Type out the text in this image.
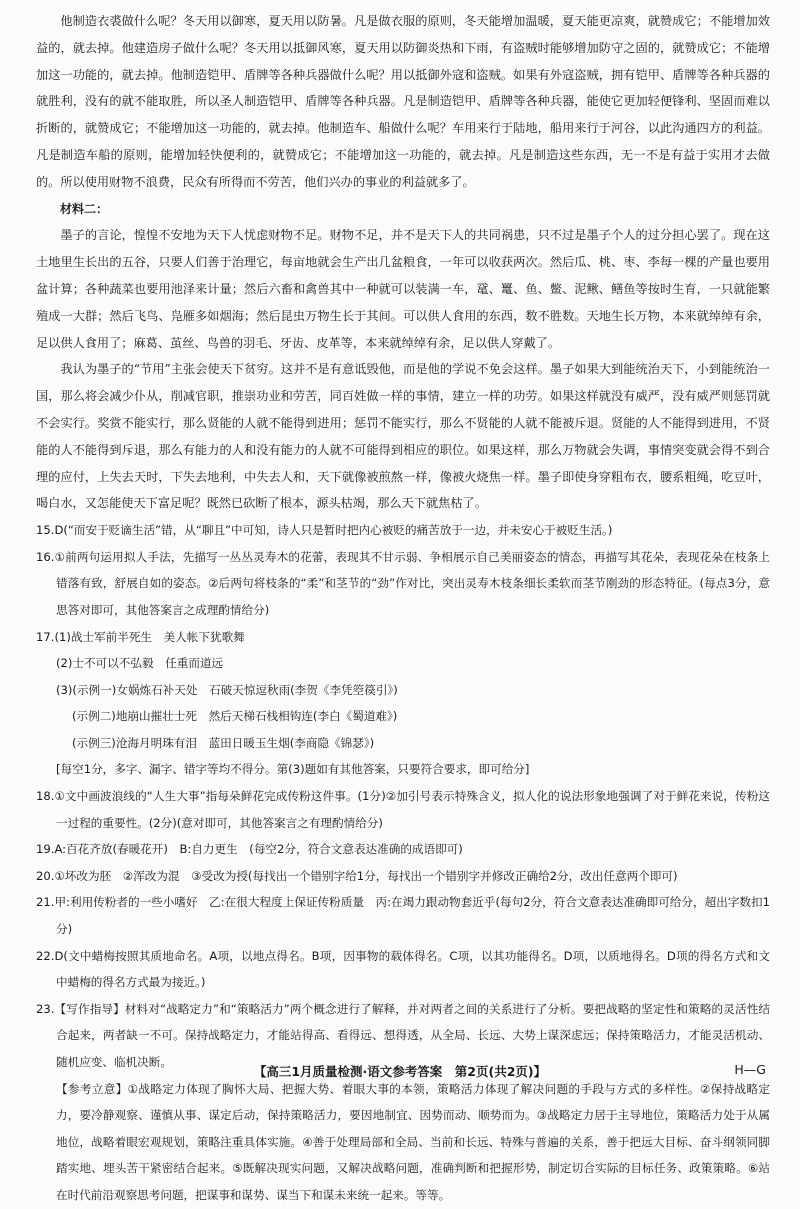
他制造衣裘做什么呢？冬天用以御寒，夏天用以防暑。凡是做衣服的原则，冬天能增加温暖，夏天能更凉爽，就赞成它；不能增加效益的，就去掉。他建造房子做什么呢？冬天用以抵御风寒，夏天用以防御炎热和下雨，有盗贼时能够增加防守之固的，就赞成它；不能增加这一功能的，就去掉。他制造铠甲、盾牌等各种兵器做什么呢？用以抵御外寇和盗贼。如果有外寇盗贼，拥有铠甲、盾牌等各种兵器的就胜利，没有的就不能取胜，所以圣人制造铠甲、盾牌等各种兵器。凡是制造铠甲、盾牌等各种兵器，能使它更加轻便锋利、坚固而难以折断的，就赞成它；不能增加这一功能的，就去掉。他制造车、船做什么呢？车用来行于陆地，船用来行于河谷，以此沟通四方的利益。凡是制造车船的原则，能增加轻快便利的，就赞成它；不能增加这一功能的，就去掉。凡是制造这些东西，无一不是有益于实用才去做的。所以使用财物不浪费，民众有所得而不劳苦，他们兴办的事业的利益就多了。
材料二：
墨子的言论，惶惶不安地为天下人忧虑财物不足。财物不足，并不是天下人的共同祸患，只不过是墨子个人的过分担心罢了。现在这土地里生长出的五谷，只要人们善于治理它，每亩地就会生产出几盆粮食，一年可以收获两次。然后瓜、桃、枣、李每一棵的产量也要用盆计算；各种蔬菜也要用池泽来计量；然后六畜和禽兽其中一种就可以装满一车，鼋、鼍、鱼、鳖、泥鳅、鳝鱼等按时生育，一只就能繁殖成一大群；然后飞鸟、凫雁多如烟海；然后昆虫万物生长于其间。可以供人食用的东西，数不胜数。天地生长万物，本来就绰绰有余，足以供人食用了；麻葛、茧丝、鸟兽的羽毛、牙齿、皮革等，本来就绰绰有余，足以供人穿戴了。
我认为墨子的“节用”主张会使天下贫穷。这并不是有意诋毁他，而是他的学说不免会这样。墨子如果大到能统治天下，小到能统治一国，那么将会减少仆从，削减官职，推崇功业和劳苦，同百姓做一样的事情，建立一样的功劳。如果这样就没有威严，没有威严则惩罚就不会实行。奖赏不能实行，那么贤能的人就不能得到进用；惩罚不能实行，那么不贤能的人就不能被斥退。贤能的人不能得到进用，不贤能的人不能得到斥退，那么有能力的人和没有能力的人就不可能得到相应的职位。如果这样，那么万物就会失调，事情突变就会得不到合理的应付，上失去天时，下失去地利，中失去人和，天下就像被煎熬一样，像被火烧焦一样。墨子即使身穿粗布衣，腰系粗绳，吃豆叶，喝白水，又怎能使天下富足呢？既然已砍断了根本，源头枯竭，那么天下就焦枯了。
15.D(“而安于贬谪生活”错，从“聊且”中可知，诗人只是暂时把内心被贬的痛苦放于一边，并未安心于被贬生活。)
16.①前两句运用拟人手法，先描写一丛丛灵寿木的花蕾，表现其不甘示弱、争相展示自己美丽姿态的情态，再描写其花朵，表现花朵在枝条上错落有致，舒展自如的姿态。②后两句将枝条的“柔”和茎节的“劲”作对比，突出灵寿木枝条细长柔软而茎节刚劲的形态特征。(每点3分，意思答对即可，其他答案言之成理酌情给分)
17.(1)战士军前半死生　美人帐下犹歌舞
(2)士不可以不弘毅　任重而道远
(3)(示例一)女娲炼石补天处　石破天惊逗秋雨(李贺《李凭箜篌引》)
(示例二)地崩山摧壮士死　然后天梯石栈相钩连(李白《蜀道难》)
(示例三)沧海月明珠有泪　蓝田日暖玉生烟(李商隐《锦瑟》)
[每空1分，多字、漏字、错字等均不得分。第(3)题如有其他答案，只要符合要求，即可给分]
18.①文中画波浪线的“人生大事”指每朵鲜花完成传粉这件事。(1分)②加引号表示特殊含义，拟人化的说法形象地强调了对于鲜花来说，传粉这一过程的重要性。(2分)(意对即可，其他答案言之有理酌情给分)
19.A:百花齐放(春暖花开)　B:自力更生　(每空2分，符合文意表达准确的成语即可)
20.①坏改为胚　②浑改为混　③受改为授(每找出一个错别字给1分，每找出一个错别字并修改正确给2分，改出任意两个即可)
21.甲:利用传粉者的一些小嗜好　乙:在很大程度上保证传粉质量　丙:在竭力跟动物套近乎(每句2分，符合文意表达准确即可给分，超出字数扣1分)
22.D(文中蜡梅按照其质地命名。A项，以地点得名。B项，因事物的载体得名。C项，以其功能得名。D项，以质地得名。D项的得名方式和文中蜡梅的得名方式最为接近。)
23.【写作指导】材料对“战略定力”和“策略活力”两个概念进行了解释，并对两者之间的关系进行了分析。要把战略的坚定性和策略的灵活性结合起来，两者缺一不可。保持战略定力，才能站得高、看得远、想得透，从全局、长远、大势上谋深虑远；保持策略活力，才能灵活机动、随机应变、临机决断。
【参考立意】①战略定力体现了胸怀大局、把握大势、着眼大事的本领，策略活力体现了解决问题的手段与方式的多样性。②保持战略定力，要冷静观察、谨慎从事、谋定后动，保持策略活力，要因地制宜、因势而动、顺势而为。③战略定力居于主导地位，策略活力处于从属地位，战略着眼宏观规划，策略注重具体实施。④善于处理局部和全局、当前和长远、特殊与普遍的关系，善于把远大目标、奋斗纲领同脚踏实地、埋头苦干紧密结合起来。⑤既解决现实问题，又解决战略问题，准确判断和把握形势，制定切合实际的目标任务、政策策略。⑥站在时代前沿观察思考问题，把谋事和谋势、谋当下和谋未来统一起来。等等。
【高三1月质量检测·语文参考答案　第2页(共2页)】	H—G
